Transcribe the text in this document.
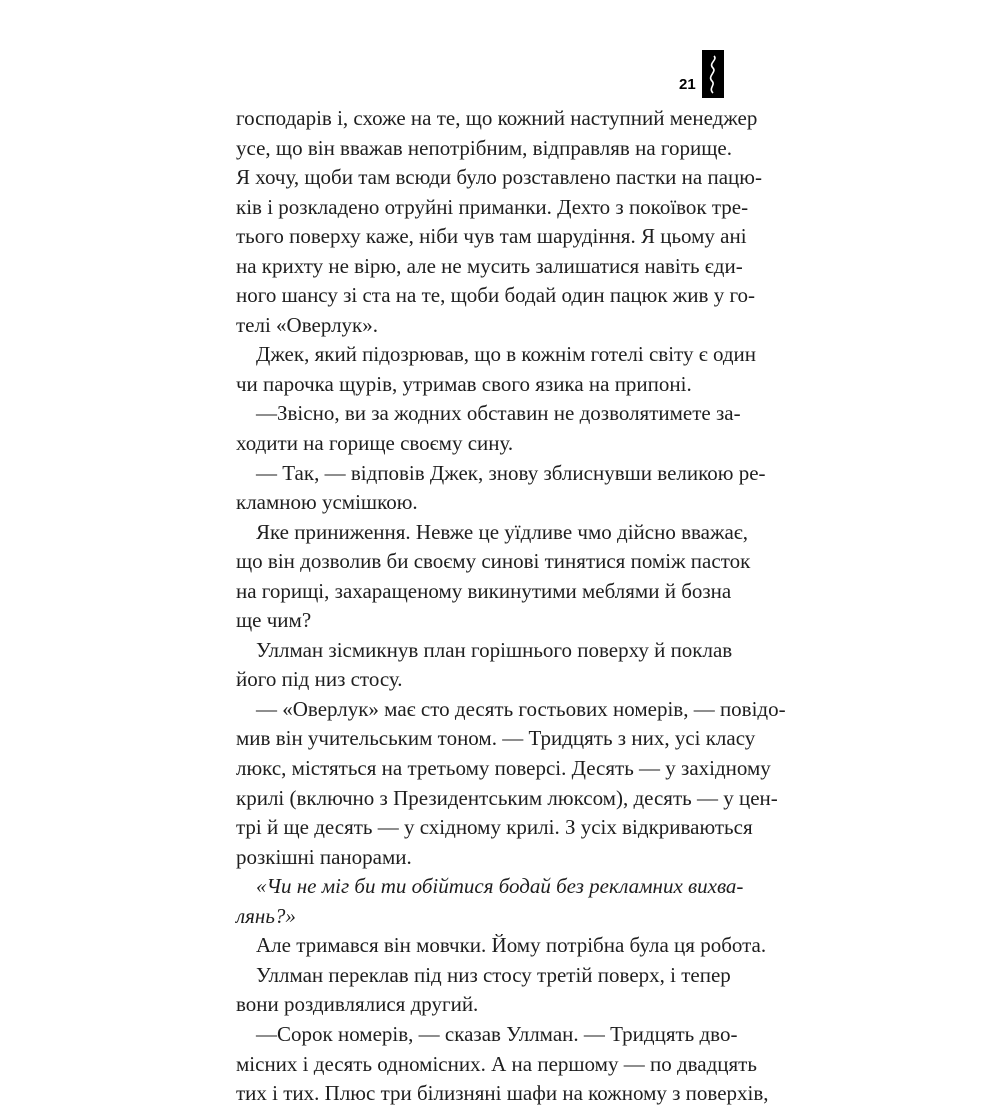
21
господарів і, схоже на те, що кожний наступний менеджер
усе, що він вважав непотрібним, відправляв на горище.
Я хочу, щоби там всюди було розставлено пастки на пацю-
ків і розкладено отруйні приманки. Дехто з покоївок тре-
тього поверху каже, ніби чув там шарудіння. Я цьому ані
на крихту не вірю, але не мусить залишатися навіть єди-
ного шансу зі ста на те, щоби бодай один пацюк жив у го-
телі «Оверлук».
Джек, який підозрював, що в кожнім готелі світу є один
чи парочка щурів, утримав свого язика на припоні.
—Звісно, ви за жодних обставин не дозволятимете за-
ходити на горище своєму сину.
— Так, — відповів Джек, знову зблиснувши великою ре-
кламною усмішкою.
Яке приниження. Невже це уїдливе чмо дійсно вважає,
що він дозволив би своєму синові тинятися поміж пасток
на горищі, захаращеному викинутими меблями й бозна
ще чим?
Уллман зісмикнув план горішнього поверху й поклав
його під низ стосу.
— «Оверлук» має сто десять гостьових номерів, — повідо-
мив він учительським тоном. — Тридцять з них, усі класу
люкс, містяться на третьому поверсі. Десять — у західному
крилі (включно з Президентським люксом), десять — у цен-
трі й ще десять — у східному крилі. З усіх відкриваються
розкішні панорами.
«Чи не міг би ти обійтися бодай без рекламних вихва-
лянь?»
Але тримався він мовчки. Йому потрібна була ця робота.
Уллман переклав під низ стосу третій поверх, і тепер
вони роздивлялися другий.
—Сорок номерів, — сказав Уллман. — Тридцять дво-
місних і десять одномісних. А на першому — по двадцять
тих і тих. Плюс три білизняні шафи на кожному з поверхів,
